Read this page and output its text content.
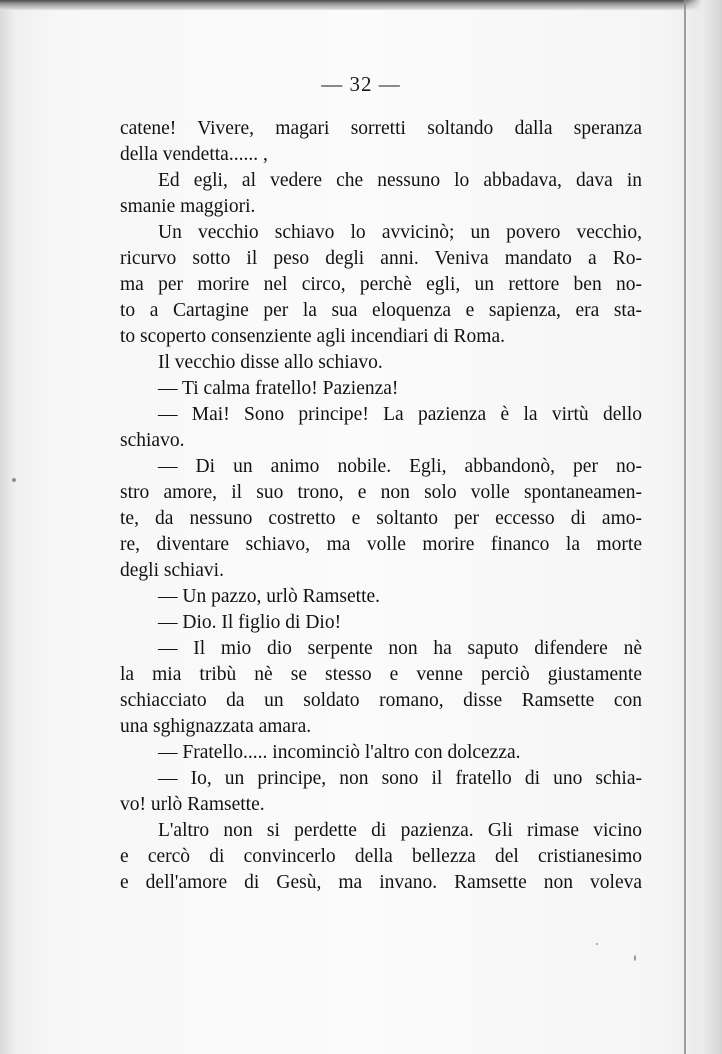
— 32 —
catene! Vivere, magari sorretti soltando dalla speranza
della vendetta...... ,
Ed egli, al vedere che nessuno lo abbadava, dava in
smanie maggiori.
Un vecchio schiavo lo avvicinò; un povero vecchio,
ricurvo sotto il peso degli anni. Veniva mandato a Ro-
ma per morire nel circo, perchè egli, un rettore ben no-
to a Cartagine per la sua eloquenza e sapienza, era sta-
to scoperto consenziente agli incendiari di Roma.
Il vecchio disse allo schiavo.
— Ti calma fratello! Pazienza!
— Mai! Sono principe! La pazienza è la virtù dello
schiavo.
— Di un animo nobile. Egli, abbandonò, per no-
stro amore, il suo trono, e non solo volle spontaneamen-
te, da nessuno costretto e soltanto per eccesso di amo-
re, diventare schiavo, ma volle morire financo la morte
degli schiavi.
— Un pazzo, urlò Ramsette.
— Dio. Il figlio di Dio!
— Il mio dio serpente non ha saputo difendere nè
la mia tribù nè se stesso e venne perciò giustamente
schiacciato da un soldato romano, disse Ramsette con
una sghignazzata amara.
— Fratello..... incominciò l'altro con dolcezza.
— Io, un principe, non sono il fratello di uno schia-
vo! urlò Ramsette.
L'altro non si perdette di pazienza. Gli rimase vicino
e cercò di convincerlo della bellezza del cristianesimo
e dell'amore di Gesù, ma invano. Ramsette non voleva
